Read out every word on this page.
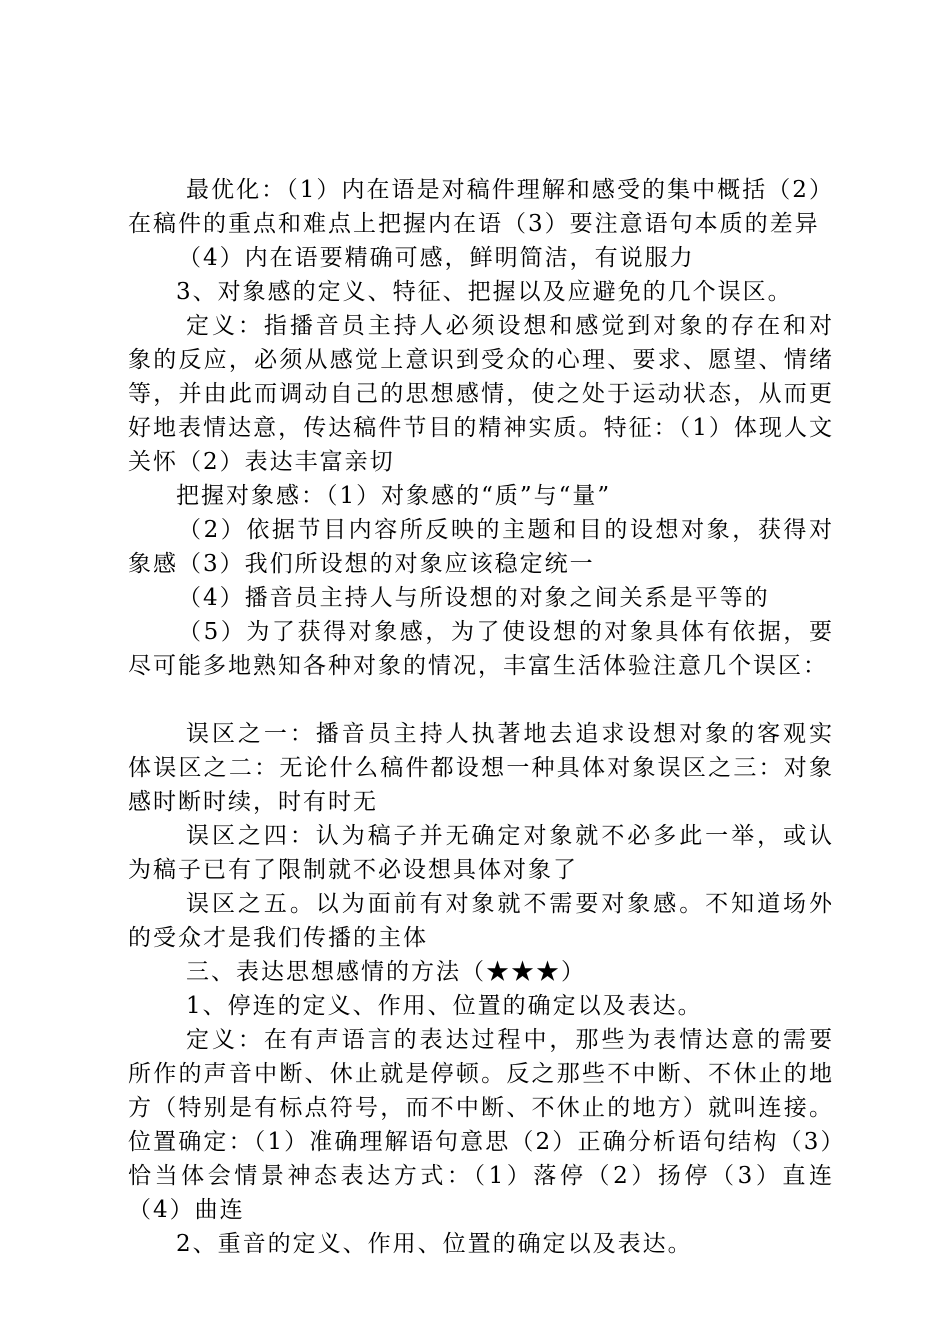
最优化：（1）内在语是对稿件理解和感受的集中概括（2）在稿件的重点和难点上把握内在语（3）要注意语句本质的差异

（4）内在语要精确可感，鲜明简洁，有说服力

3、对象感的定义、特征、把握以及应避免的几个误区。

定义：指播音员主持人必须设想和感觉到对象的存在和对象的反应，必须从感觉上意识到受众的心理、要求、愿望、情绪等，并由此而调动自己的思想感情，使之处于运动状态，从而更好地表情达意，传达稿件节目的精神实质。特征：（1）体现人文关怀（2）表达丰富亲切

把握对象感：（1）对象感的“质”与“量”

（2）依据节目内容所反映的主题和目的设想对象，获得对象感（3）我们所设想的对象应该稳定统一

（4）播音员主持人与所设想的对象之间关系是平等的

（5）为了获得对象感，为了使设想的对象具体有依据，要尽可能多地熟知各种对象的情况，丰富生活体验注意几个误区：

误区之一：播音员主持人执著地去追求设想对象的客观实体误区之二：无论什么稿件都设想一种具体对象误区之三：对象感时断时续，时有时无

误区之四：认为稿子并无确定对象就不必多此一举，或认为稿子已有了限制就不必设想具体对象了

误区之五。以为面前有对象就不需要对象感。不知道场外的受众才是我们传播的主体

三、表达思想感情的方法（★★★）

1、停连的定义、作用、位置的确定以及表达。

定义：在有声语言的表达过程中，那些为表情达意的需要所作的声音中断、休止就是停顿。反之那些不中断、不休止的地方（特别是有标点符号，而不中断、不休止的地方）就叫连接。位置确定：（1）准确理解语句意思（2）正确分析语句结构（3）恰当体会情景神态表达方式：（1）落停（2）扬停（3）直连（4）曲连

2、重音的定义、作用、位置的确定以及表达。
